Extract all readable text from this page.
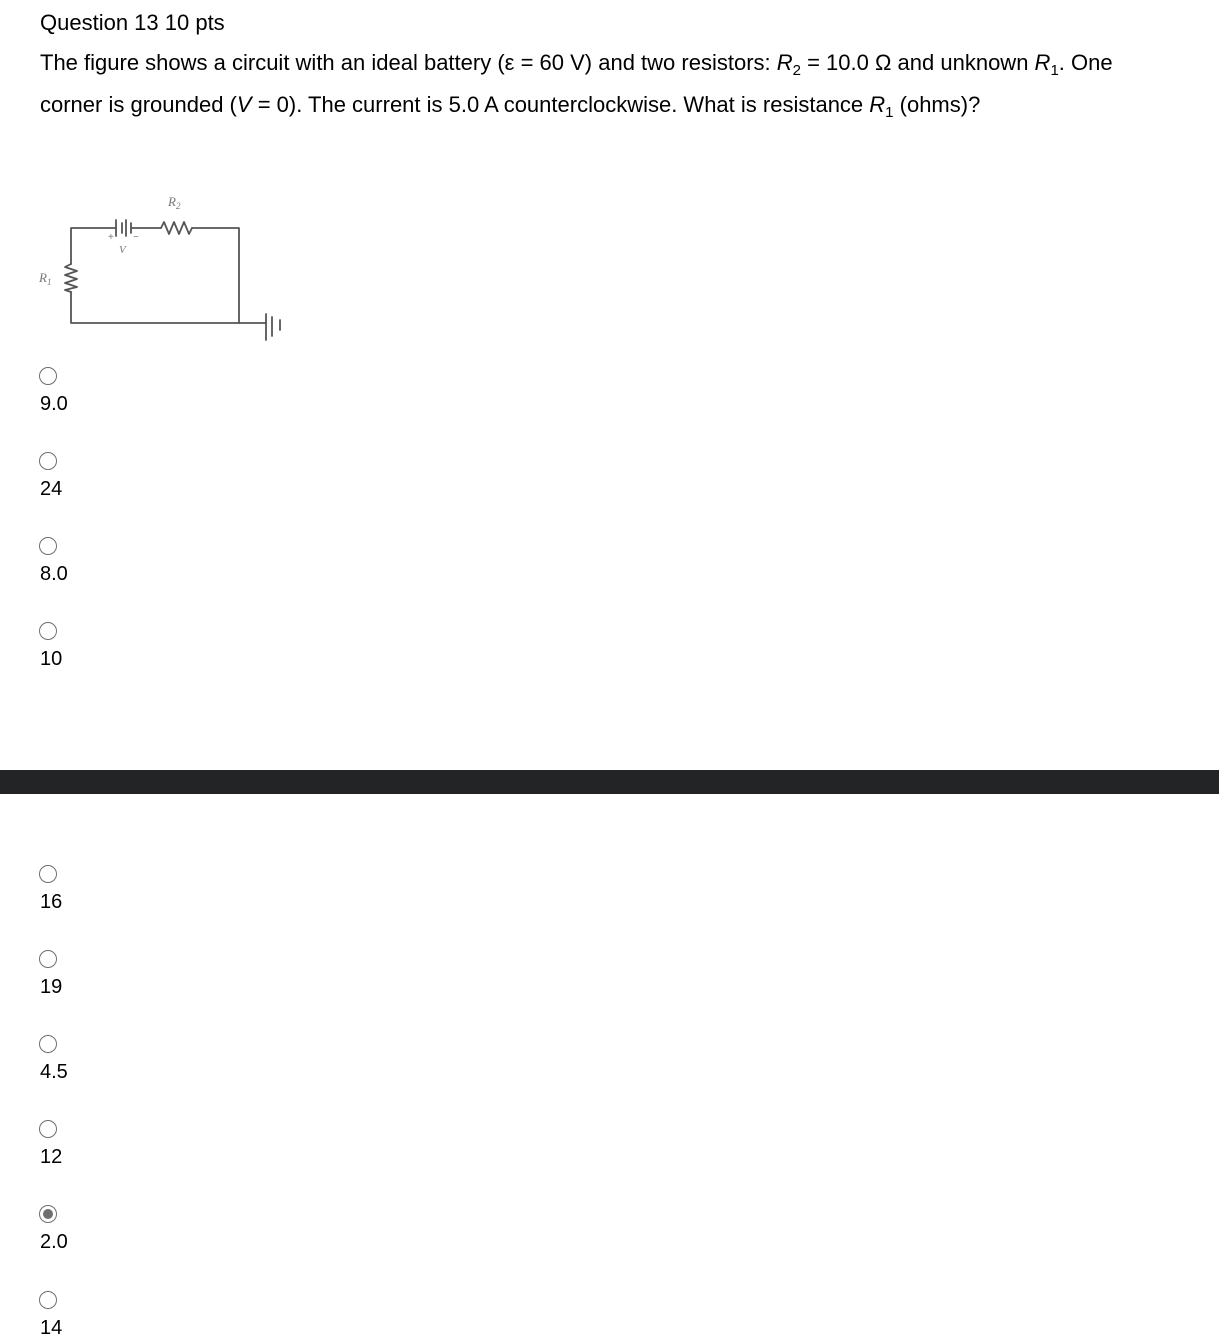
Question 13 10 pts
The figure shows a circuit with an ideal battery (ε = 60 V) and two resistors: $R_2 = 10.0$ Ω and unknown $R_1$. One corner is grounded (V = 0). The current is 5.0 A counterclockwise. What is resistance $R_1$ (ohms)?
$R_2$
$R_1$
V
+ −
9.0
24
8.0
10
16
19
4.5
12
2.0
14
